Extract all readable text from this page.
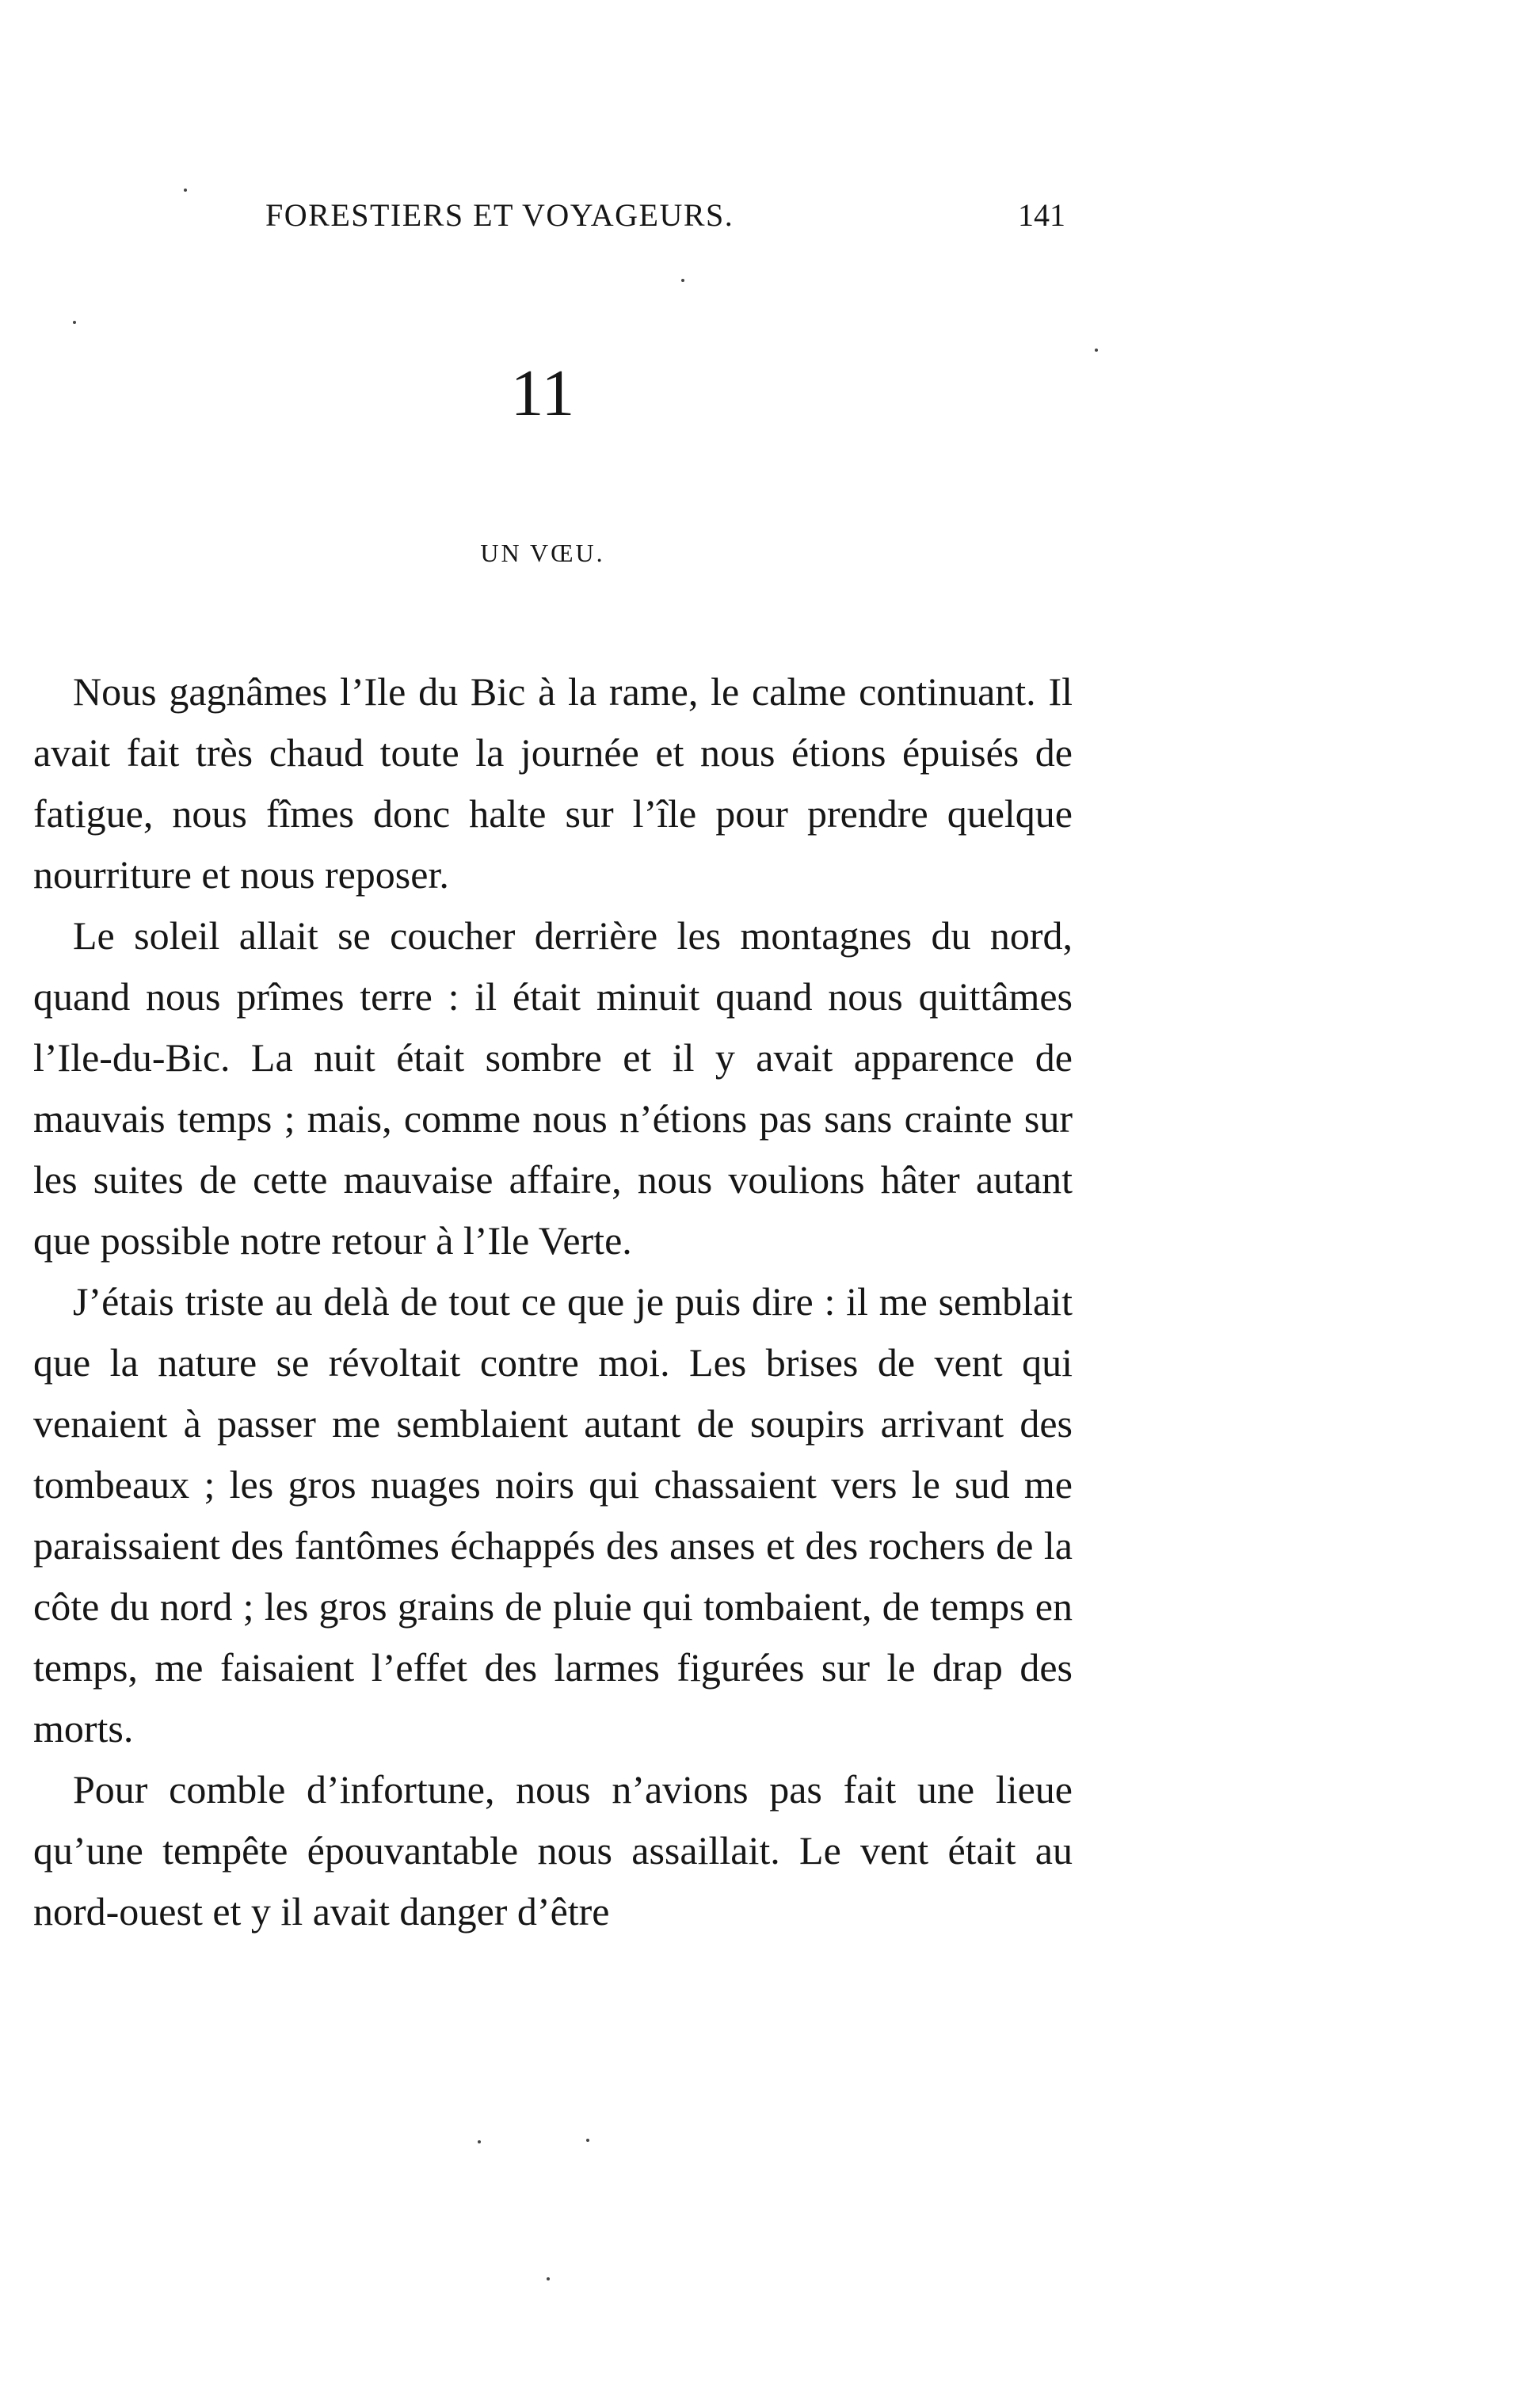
FORESTIERS ET VOYAGEURS.	141
11
UN VŒU.

Nous gagnâmes l’Ile du Bic à la rame, le calme continuant. Il avait fait très chaud toute la journée et nous étions épuisés de fatigue, nous fîmes donc halte sur l’île pour prendre quelque nourriture et nous reposer.

Le soleil allait se coucher derrière les montagnes du nord, quand nous prîmes terre : il était minuit quand nous quittâmes l’Ile-du-Bic. La nuit était sombre et il y avait apparence de mauvais temps ; mais, comme nous n’étions pas sans crainte sur les suites de cette mauvaise affaire, nous voulions hâter autant que possible notre retour à l’Ile Verte.

J’étais triste au delà de tout ce que je puis dire : il me semblait que la nature se révoltait contre moi. Les brises de vent qui venaient à passer me semblaient autant de soupirs arrivant des tombeaux ; les gros nuages noirs qui chassaient vers le sud me paraissaient des fantômes échappés des anses et des rochers de la côte du nord ; les gros grains de pluie qui tombaient, de temps en temps, me faisaient l’effet des larmes figurées sur le drap des morts.

Pour comble d’infortune, nous n’avions pas fait une lieue qu’une tempête épouvantable nous assaillait. Le vent était au nord-ouest et y il avait danger d’être
